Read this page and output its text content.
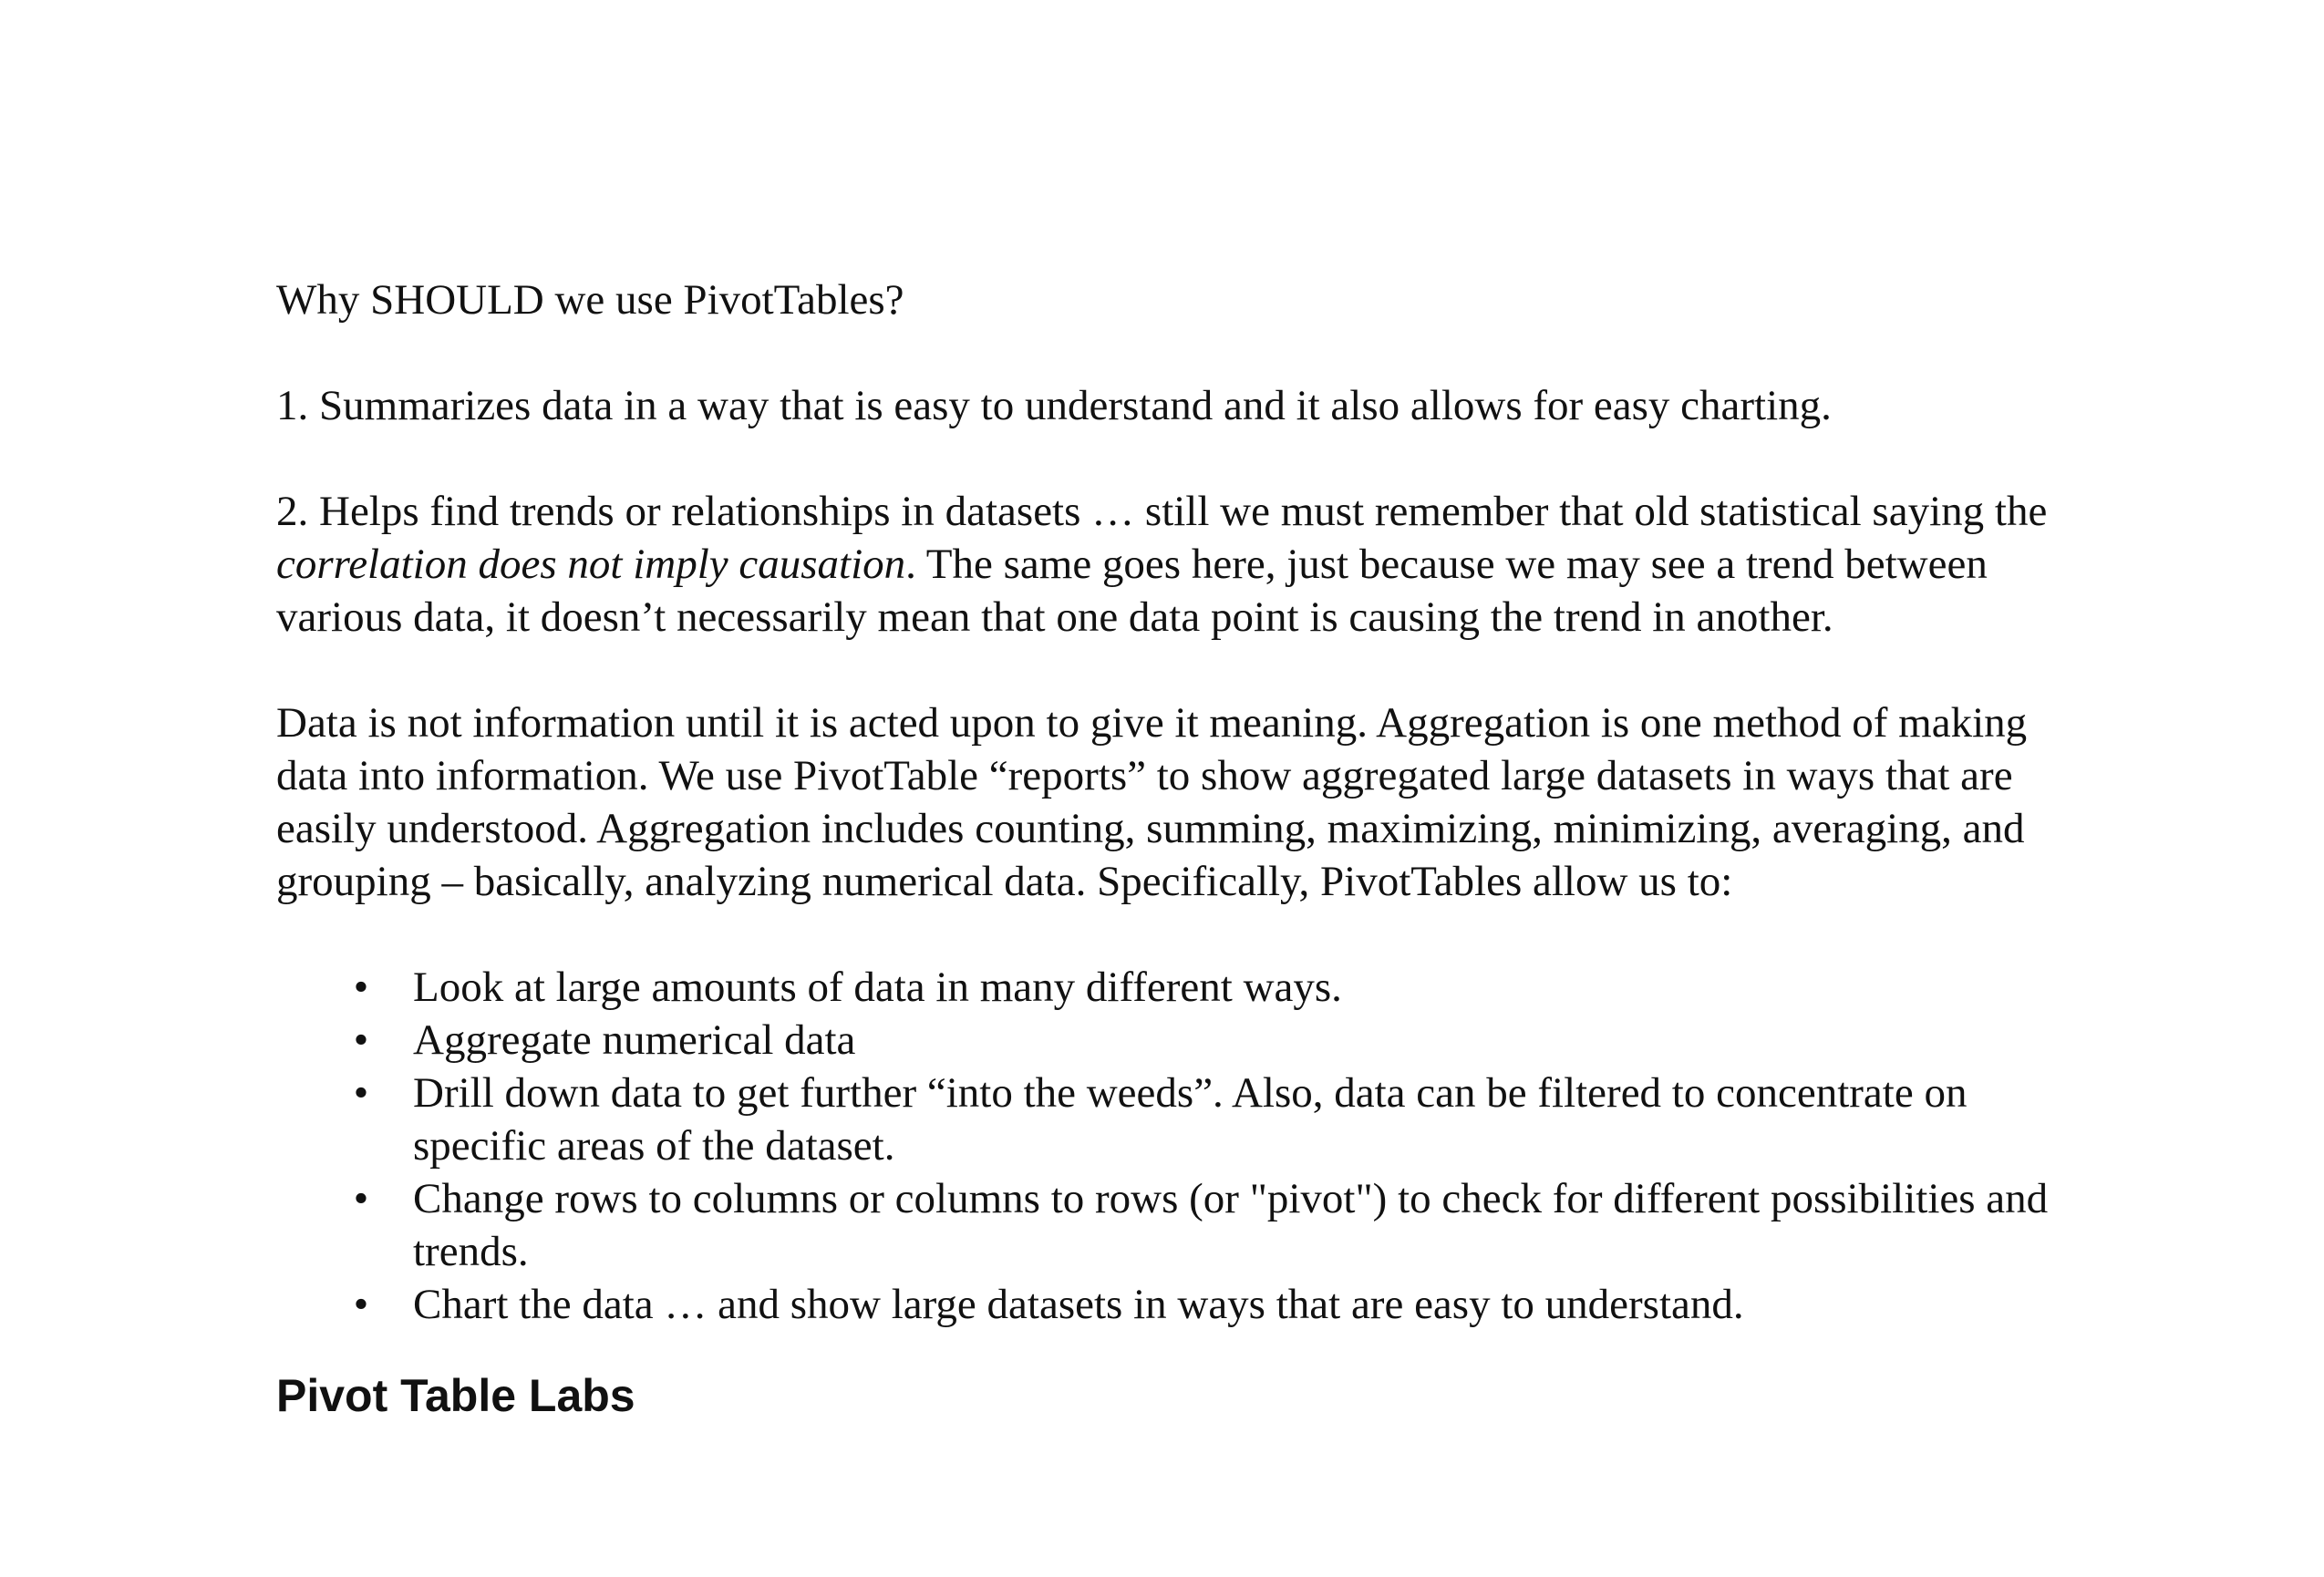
Why SHOULD we use PivotTables?

1. Summarizes data in a way that is easy to understand and it also allows for easy charting.

2. Helps find trends or relationships in datasets … still we must remember that old statistical saying the correlation does not imply causation. The same goes here, just because we may see a trend between various data, it doesn’t necessarily mean that one data point is causing the trend in another.

Data is not information until it is acted upon to give it meaning. Aggregation is one method of making data into information. We use PivotTable “reports” to show aggregated large datasets in ways that are easily understood. Aggregation includes counting, summing, maximizing, minimizing, averaging, and grouping – basically, analyzing numerical data. Specifically, PivotTables allow us to:

• Look at large amounts of data in many different ways.
• Aggregate numerical data
• Drill down data to get further “into the weeds”. Also, data can be filtered to concentrate on specific areas of the dataset.
• Change rows to columns or columns to rows (or "pivot") to check for different possibilities and trends.
• Chart the data … and show large datasets in ways that are easy to understand.
Pivot Table Labs
